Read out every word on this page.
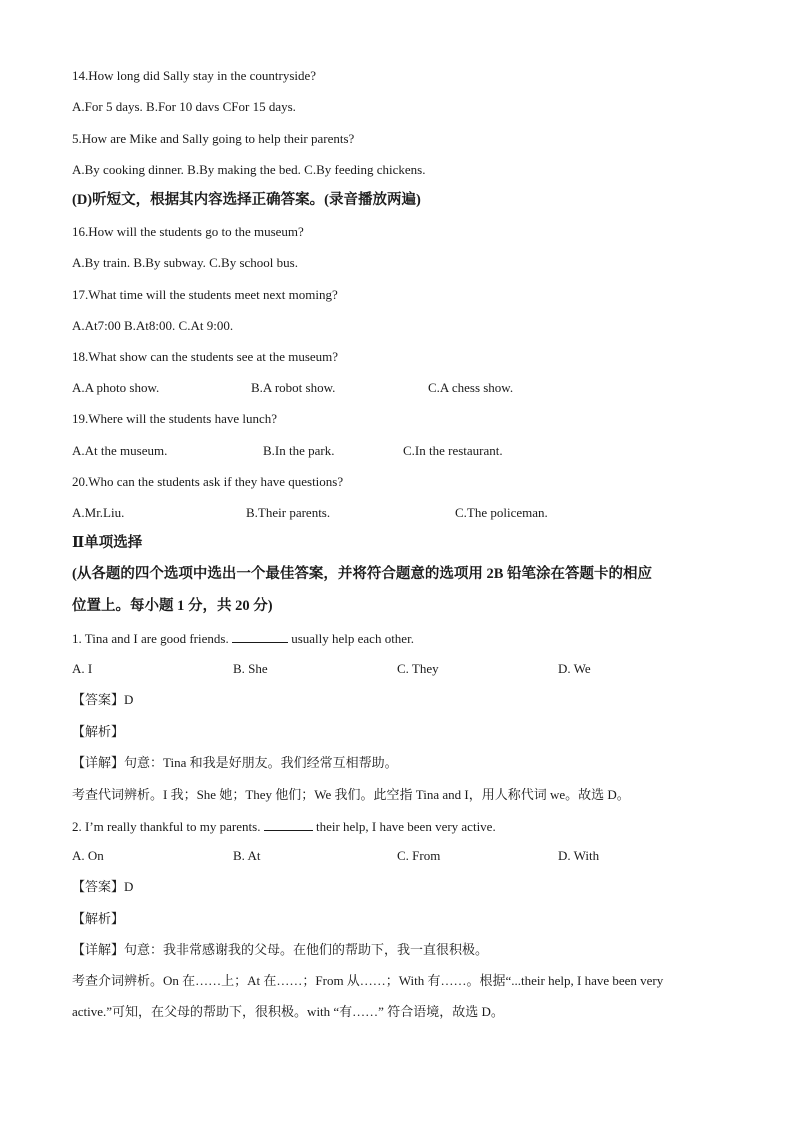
14.How long did Sally stay in the countryside?
A.For 5 days. B.For 10 davs CFor 15 days.
5.How are Mike and Sally going to help their parents?
A.By cooking dinner. B.By making the bed. C.By feeding chickens.
(D)听短文，根据其内容选择正确答案。(录音播放两遍)
16.How will the students go to the museum?
A.By train. B.By subway. C.By school bus.
17.What time will the students meet next moming?
A.At7:00 B.At8:00. C.At 9:00.
18.What show can the students see at the museum?
A.A photo show.	B.A robot show.	C.A chess show.
19.Where will the students have lunch?
A.At the museum.	B.In the park.	C.In the restaurant.
20.Who can the students ask if they have questions?
A.Mr.Liu.	B.Their parents.	C.The policeman.
Ⅱ单项选择
(从各题的四个选项中选出一个最佳答案，并将符合题意的选项用 2B 铅笔涂在答题卡的相应
位置上。每小题 1 分，共 20 分)
1. Tina and I are good friends.	usually help each other.
A. I	B. She	C. They	D. We
【答案】D
【解析】
【详解】句意：Tina 和我是好朋友。我们经常互相帮助。
考查代词辨析。I 我；She 她；They 他们；We 我们。此空指 Tina and I，用人称代词 we。故选 D。
2. I’m really thankful to my parents.	their help, I have been very active.
A. On	B. At	C. From	D. With
【答案】D
【解析】
【详解】句意：我非常感谢我的父母。在他们的帮助下，我一直很积极。
考查介词辨析。On 在……上；At 在……；From 从……；With 有……。根据“...their help, I have been very
active.”可知，在父母的帮助下，很积极。with “有……” 符合语境，故选 D。
